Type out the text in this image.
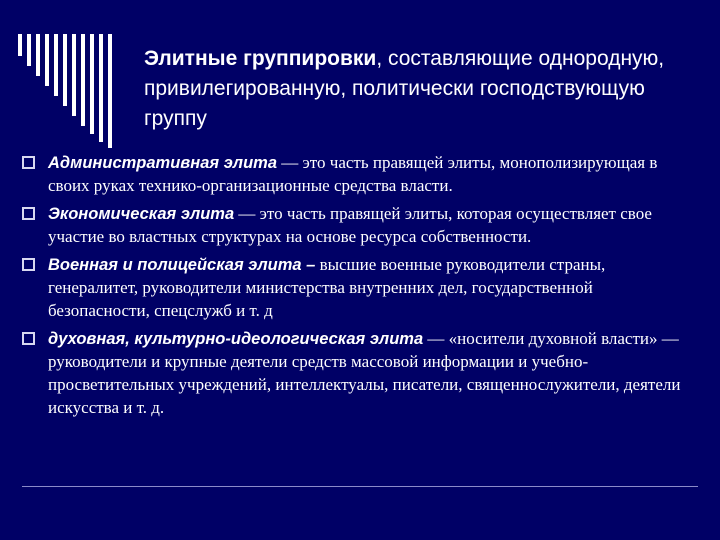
Элитные группировки, составляющие однородную, привилегированную, политически господствующую группу

Административная элита — это часть правящей элиты, монополизирующая в своих руках технико-организационные средства власти.

Экономическая элита — это часть правящей элиты, которая осуществляет свое участие во властных структурах на основе ресурса собственности.

Военная и полицейская элита – высшие военные руководители страны, генералитет, руководители министерства внутренних дел, государственной безопасности, спецслужб и т. д

духовная, культурно-идеологическая элита — «носители духовной власти» — руководители и крупные деятели средств массовой информации и учебно-просветительных учреждений, интеллектуалы, писатели, священнослужители, деятели искусства и т. д.
